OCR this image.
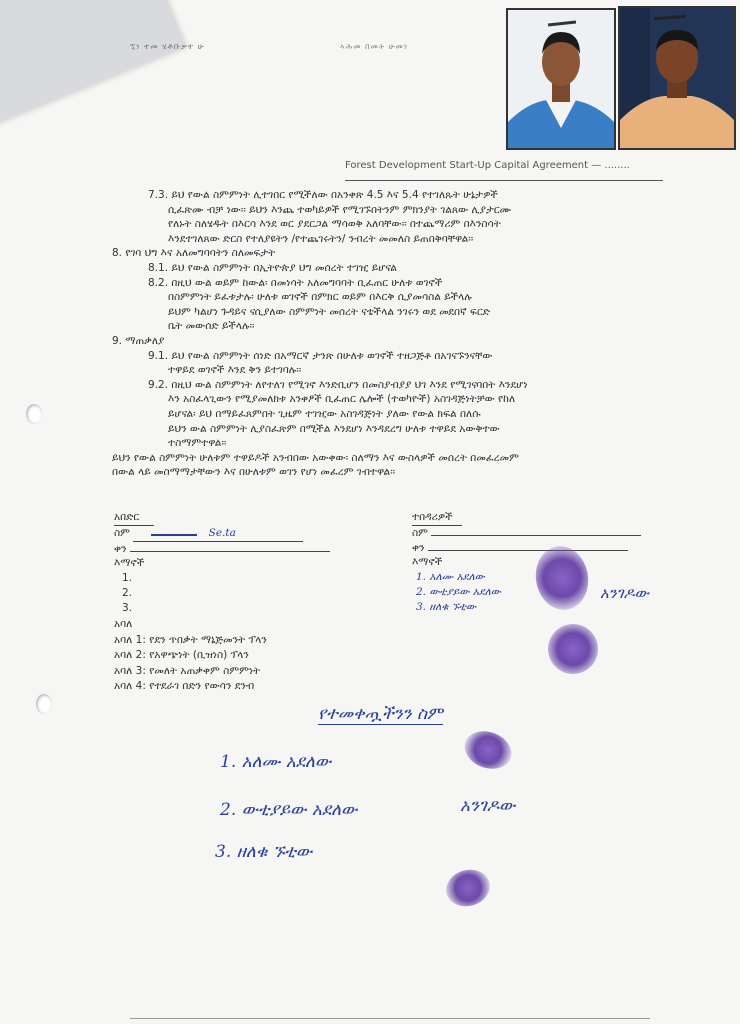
ኚነ ተመ ሄቶቡቃተ ሁ	ኣሕመ በመት ሁመነ
Forest Development Start-Up Capital Agreement — ........

7.3. ይህ የውል ስምምነት ሊተገበር የሚችለው በአንቀጽ 4.5 እና 5.4 የተገለጹት ሁኔታዎች

ሲፈጽሙ ብቻ ነው፡፡ ይህን እንጨ ተወካይዎች የሚገኙበትንም ምክንያት ገልጸው ሊያታርሙ

የለኑት ስለሄዱት በእርሳ እንደ ወር ያደርጋል ማሳወቅ አለባቸው፡፡ በተጨማሪም በእንስሳት

እንደተገለጸው ድርስ የተለያዩትን /የተጨገሩትን/ ንብረት መመለስ ይጠበቅባቸዋል፡፡

8. የገባ ህግ እና አለመግባባትን ስለመፍታት

8.1. ይህ የውል ስምምነት በኢትዮጵያ ህግ መሰረት ተገዢ ይሆናል

8.2. በዚህ ውል ወይም ከውል፡ በመነሳት አለመግባባት ቢፈጠር ሁለቱ ወገኖች

በስምምነት ይፈቱታሉ፡ ሁለቱ ወገኖች በምክር ወይም በእርቅ ሲያመሳስል ይችላሉ

ይህም ካልሆነ ጉዳይና ናሲያለው ስምምነት መሰረት ናቴችላል ንገሩን ወደ መደበኛ ፍርድ

ቤት መውሰድ ይችላሉ፡፡

9. ማጠቃለያ

9.1. ይህ የውል ስምምነት ሰነድ በአማርኛ ታንጽ በሁለቱ ወገኖች ተዘጋጅቶ በአገናኙንናቸው

ተዋይደ ወገኖች እንደ ቅን ይተገባሉ፡፡

9.2. በዚህ ውል ስምምነት ለየተለገ የሚገኖ እንድቢሆን በመስያብያያ ህገ እንደ የሚገናባበት እንደሆነ

እን አስፈላጊውን የሚያመለክቱ አንቀፆች ቢፈጠር ሌሎች (ተወካዮች) አስገዳጅነትቻው የከለ

ይሆናል፡ ይህ በማይፈጸምበት ጊዜም ተገዢው አስገዳጅነት ያለው የውል ክፍል በለሱ

ይህን ውል ስምምነት ሊያስፈጽም በሚችል እንደሆነ እንዳደረግ ሁለቱ ተዋይደ አውቅተው

ተስማምተዋል፡፡

ይህን የውል ስምምነት ሁለቱም ተዋይዶች አንብበው አውቀው፡ ስለማን እና ውስላዎች መሰረት በመፈረመም

በውል ላይ መስማማታቸውን እና በሁለቱም ወገን የሆነ መፈረም ገብተዋል፡፡

አበድር
ስም	Se.ta
ቀን
እማኖች
1.
2.
3.
ተበዳሪዎች
ስም
ቀን
እማኖች
1. አለሙ አደለው
2. ውቲያይው አደለው
3. ዘለቁ ኙቲው
አንገዶው
አባለ
አባለ 1: የደን ጥበቃት ማኔጅመንት ፕላን
አባለ 2: የአዋጭነት (ቢዝነስ) ፕላን
አባለ 3: የመለት አጠቃቀም ስምምነት
አባለ 4: የተደራገ በድን የውሳን ደንብ
የተመቀጧችንን ስም
1. አለሙ አደለው
2. ውቲያይው አደለው	አንገዶው
3. ዘለቁ ኙቲው
